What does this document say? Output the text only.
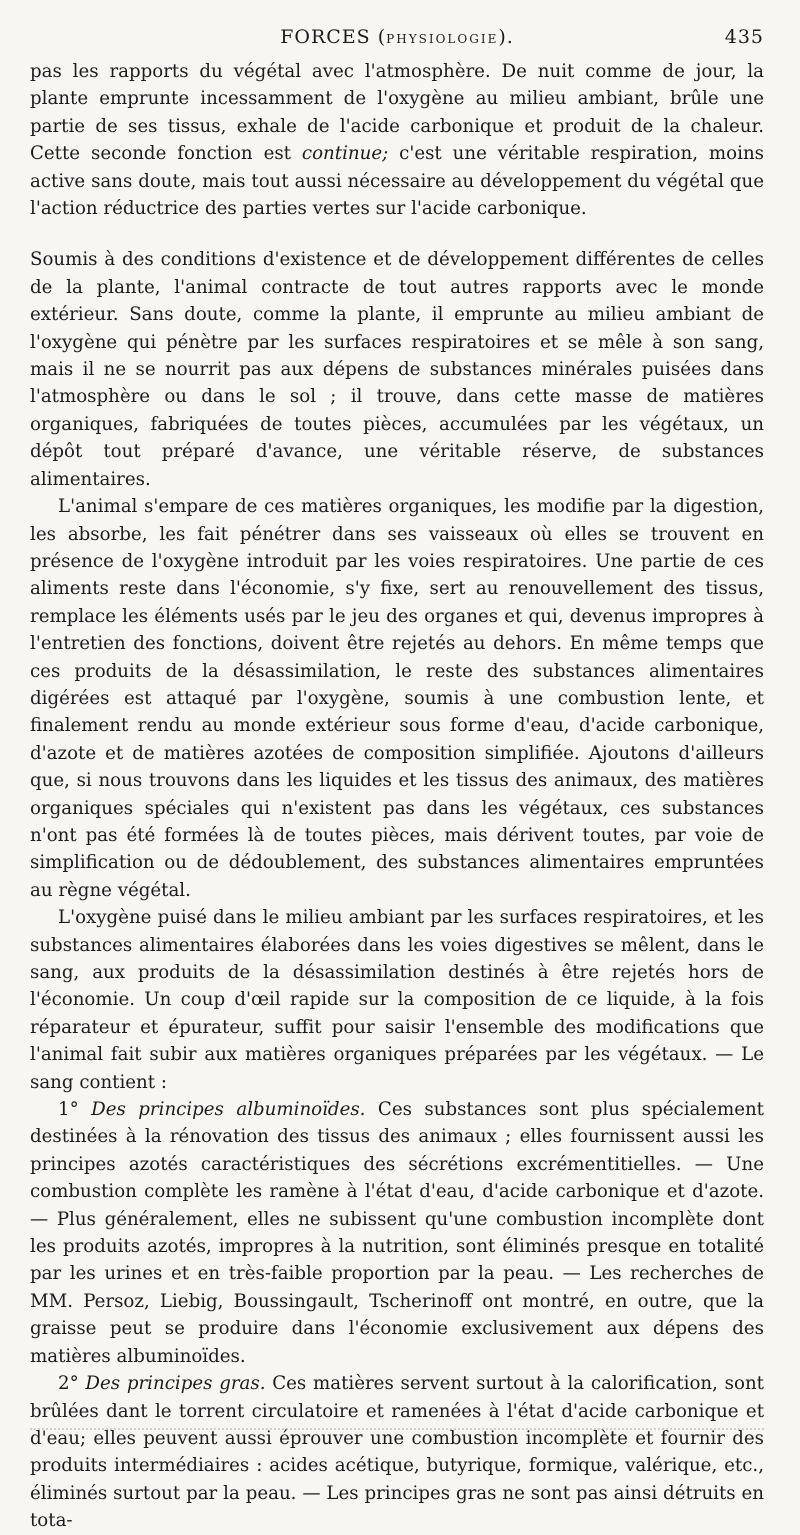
FORCES (PHYSIOLOGIE).	435

pas les rapports du végétal avec l'atmosphère. De nuit comme de jour, la plante emprunte incessamment de l'oxygène au milieu ambiant, brûle une partie de ses tissus, exhale de l'acide carbonique et produit de la chaleur. Cette seconde fonction est continue; c'est une véritable respiration, moins active sans doute, mais tout aussi nécessaire au développement du végétal que l'action réductrice des parties vertes sur l'acide carbonique.

Soumis à des conditions d'existence et de développement différentes de celles de la plante, l'animal contracte de tout autres rapports avec le monde extérieur. Sans doute, comme la plante, il emprunte au milieu ambiant de l'oxygène qui pénètre par les surfaces respiratoires et se mêle à son sang, mais il ne se nourrit pas aux dépens de substances minérales puisées dans l'atmosphère ou dans le sol ; il trouve, dans cette masse de matières organiques, fabriquées de toutes pièces, accumulées par les végétaux, un dépôt tout préparé d'avance, une véritable réserve, de substances alimentaires.

L'animal s'empare de ces matières organiques, les modifie par la digestion, les absorbe, les fait pénétrer dans ses vaisseaux où elles se trouvent en présence de l'oxygène introduit par les voies respiratoires. Une partie de ces aliments reste dans l'économie, s'y fixe, sert au renouvellement des tissus, remplace les éléments usés par le jeu des organes et qui, devenus impropres à l'entretien des fonctions, doivent être rejetés au dehors. En même temps que ces produits de la désassimilation, le reste des substances alimentaires digérées est attaqué par l'oxygène, soumis à une combustion lente, et finalement rendu au monde extérieur sous forme d'eau, d'acide carbonique, d'azote et de matières azotées de composition simplifiée. Ajoutons d'ailleurs que, si nous trouvons dans les liquides et les tissus des animaux, des matières organiques spéciales qui n'existent pas dans les végétaux, ces substances n'ont pas été formées là de toutes pièces, mais dérivent toutes, par voie de simplification ou de dédoublement, des substances alimentaires empruntées au règne végétal.

L'oxygène puisé dans le milieu ambiant par les surfaces respiratoires, et les substances alimentaires élaborées dans les voies digestives se mêlent, dans le sang, aux produits de la désassimilation destinés à être rejetés hors de l'économie. Un coup d'œil rapide sur la composition de ce liquide, à la fois réparateur et épurateur, suffit pour saisir l'ensemble des modifications que l'animal fait subir aux matières organiques préparées par les végétaux. — Le sang contient :

1° Des principes albuminoïdes. Ces substances sont plus spécialement destinées à la rénovation des tissus des animaux ; elles fournissent aussi les principes azotés caractéristiques des sécrétions excrémentitielles. — Une combustion complète les ramène à l'état d'eau, d'acide carbonique et d'azote. — Plus généralement, elles ne subissent qu'une combustion incomplète dont les produits azotés, impropres à la nutrition, sont éliminés presque en totalité par les urines et en très-faible proportion par la peau. — Les recherches de MM. Persoz, Liebig, Boussingault, Tscherinoff ont montré, en outre, que la graisse peut se produire dans l'économie exclusivement aux dépens des matières albuminoïdes.

2° Des principes gras. Ces matières servent surtout à la calorification, sont brûlées dant le torrent circulatoire et ramenées à l'état d'acide carbonique et d'eau; elles peuvent aussi éprouver une combustion incomplète et fournir des produits intermédiaires : acides acétique, butyrique, formique, valérique, etc., éliminés surtout par la peau. — Les principes gras ne sont pas ainsi détruits en tota-
